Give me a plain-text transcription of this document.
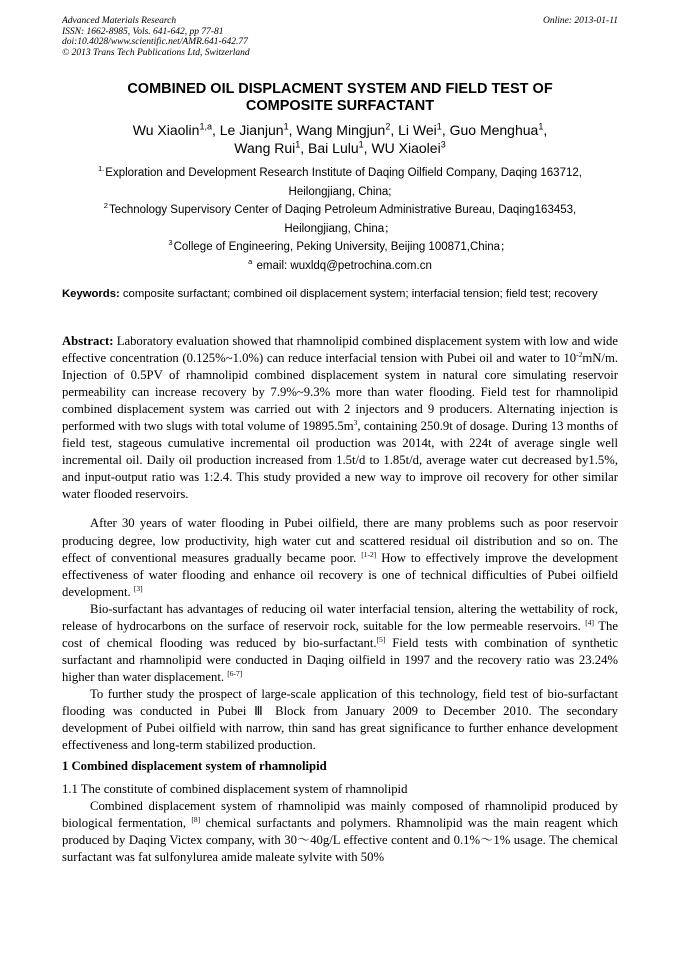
Advanced Materials Research
ISSN: 1662-8985, Vols. 641-642, pp 77-81
doi:10.4028/www.scientific.net/AMR.641-642.77
© 2013 Trans Tech Publications Ltd, Switzerland
Online: 2013-01-11
COMBINED OIL DISPLACMENT SYSTEM AND FIELD TEST OF
COMPOSITE SURFACTANT
Wu Xiaolin$^{1,a}$, Le Jianjun$^1$, Wang Mingjun$^2$, Li Wei$^1$, Guo Menghua$^1$,
Wang Rui$^1$, Bai Lulu$^1$, WU Xiaolei$^3$
$^{1.}$Exploration and Development Research Institute of Daqing Oilfield Company, Daqing 163712,
Heilongjiang, China;
$^2$Technology Supervisory Center of Daqing Petroleum Administrative Bureau, Daqing163453,
Heilongjiang, China；
$^3$College of Engineering, Peking University, Beijing 100871,China；
$^a$ email: wuxldq@petrochina.com.cn
Keywords: composite surfactant; combined oil displacement system; interfacial tension; field test; recovery

Abstract: Laboratory evaluation showed that rhamnolipid combined displacement system with low and wide effective concentration (0.125%~1.0%) can reduce interfacial tension with Pubei oil and water to $10^{-2}mN/m$. Injection of 0.5PV of rhamnolipid combined displacement system in natural core simulating reservoir permeability can increase recovery by 7.9%~9.3% more than water flooding. Field test for rhamnolipid combined displacement system was carried out with 2 injectors and 9 producers. Alternating injection is performed with two slugs with total volume of $19895.5m^3$, containing 250.9t of dosage. During 13 months of field test, stageous cumulative incremental oil production was 2014t, with 224t of average single well incremental oil. Daily oil production increased from 1.5t/d to 1.85t/d, average water cut decreased by1.5%, and input-output ratio was 1:2.4. This study provided a new way to improve oil recovery for other similar water flooded reservoirs.

After 30 years of water flooding in Pubei oilfield, there are many problems such as poor reservoir producing degree, low productivity, high water cut and scattered residual oil distribution and so on. The effect of conventional measures gradually became poor. [1-2] How to effectively improve the development effectiveness of water flooding and enhance oil recovery is one of technical difficulties of Pubei oilfield development. [3]

Bio-surfactant has advantages of reducing oil water interfacial tension, altering the wettability of rock, release of hydrocarbons on the surface of reservoir rock, suitable for the low permeable reservoirs. [4] The cost of chemical flooding was reduced by bio-surfactant.[5] Field tests with combination of synthetic surfactant and rhamnolipid were conducted in Daqing oilfield in 1997 and the recovery ratio was 23.24% higher than water displacement. [6-7]

To further study the prospect of large-scale application of this technology, field test of bio-surfactant flooding was conducted in Pubei Ⅲ Block from January 2009 to December 2010. The secondary development of Pubei oilfield with narrow, thin sand has great significance to further enhance development effectiveness and long-term stabilized production.

1 Combined displacement system of rhamnolipid

1.1 The constitute of combined displacement system of rhamnolipid

Combined displacement system of rhamnolipid was mainly composed of rhamnolipid produced by biological fermentation, [8] chemical surfactants and polymers. Rhamnolipid was the main reagent which produced by Daqing Victex company, with 30～40g/L effective content and 0.1%～1% usage. The chemical surfactant was fat sulfonylurea amide maleate sylvite with 50%
